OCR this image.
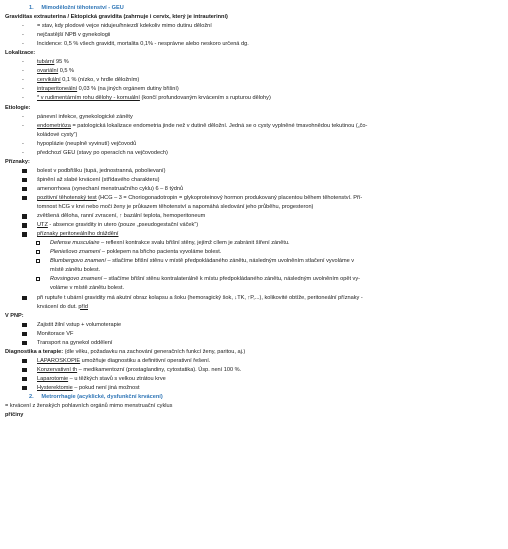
1.     Mimoděložní těhotenství - GEU
Graviditas extrauterina / Ektopická gravidita (zahrnuje i cervix, který je intrauterinní)
- = stav, kdy plodové vejce nidujeu/hniezdí kdekoliv mimo dutinu děložní
- nejčastější NPB v gynekologii
- Incidence: 0,5 % všech gravidit, mortalita 0,1% - nesprávne alebo neskoro určená dg.
Lokalizace:
- tubární 95 %
- ovariální 0,5 %
- cervikální 0,1 % (nízko, v hrdle děložním)
- intraperitoneální 0,03 % (na jiných orgánem dutiny břišní)
- * v rudimentárním rohu dělohy - kornuální (končí profundovaným krvácením s rupturou dělohy)
Etiologie:
- pánevní infekce, gynekologické záněty
- endometrióza = patologická lokalizace endometria jinde než v dutině děložní. Jedná se o cysty vyplněné tmavohnědou tekutinou („čo-
koládové cysty“)
- hypoplázie (neuplně vyvinutí) vejčovodů
- předchozí GEU (stavy po operacích na vejčovodech)
Příznaky:
bolest v podbřišku (tupá, jednostranná, pobolievaní)
špinění až slabé krvácení (střídavého charakteru)
amenorrhoea (vynechaní menstruačního cyklu) 6 – 8 týdnů
pozitivní těhotenský test (HCG – 3 = Choriogonadotropin = glykoproteinový hormon produkovaný placentou během těhotenství. Pří-
tomnost hCG v krvi nebo moči ženy je průkazem těhotenství a napomáhá sledování jeho průběhu, progesteron)
zvětšená děloha, ranní zvracení, ↑ bazální teplota, hemoperitoneum
UTZ - absence gravidity in utero (pouze „pseudogestační váček“)
příznaky peritoneálního dráždění
Defense musculaire – reflexní kontrakce svalu břišní stěny, jejímž cílem je zabránit šíření zánětu.
Pleniešovo znamení – poklepem na břicho pacienta vyvoláme bolest.
Blumbergovo znamení – stlačíme břišní stěnu v místě předpokládaného zánětu, následným uvolněním stlačení vyvoláme v
místě zánětu bolest.
Rovsingovo znamení – stlačíme břišní stěnu kontralaterálně k místu předpokládaného zánětu, následným uvolněním opět vy-
voláme v místě zánětu bolest.
při ruptuře t ubární gravidity má akutní obraz kolapsu a šoku (hemoragický šok, ↓TK, ↑P,...), kolikovité obtíže, peritoneální příznaky -
krvácení do dut. příd
V PNP:
Zajistit žilní vstup + volumoterapie
Monitorace VF
Transport na gynekol oddělení
Diagnostika a terapie: (dle věku, požadavku na zachování generačních funkcí ženy, paritou, aj.)
LAPAROSKOPIE umožňuje diagnostiku a definitivní operativní řešení.
Konzervativní th – medikamentozní (prostaglandiny, cytostatika). Úsp. není 100 %.
Laparotomie – u těžkých stavů s velkou ztrátou krve
Hysterektomie – pokud není jiná možnost
2.     Metrorrhagie (acyklické, dysfunkční krvácení)
= krvácení z ženských pohlavních orgánů mimo menstruační cyklus
příčiny
